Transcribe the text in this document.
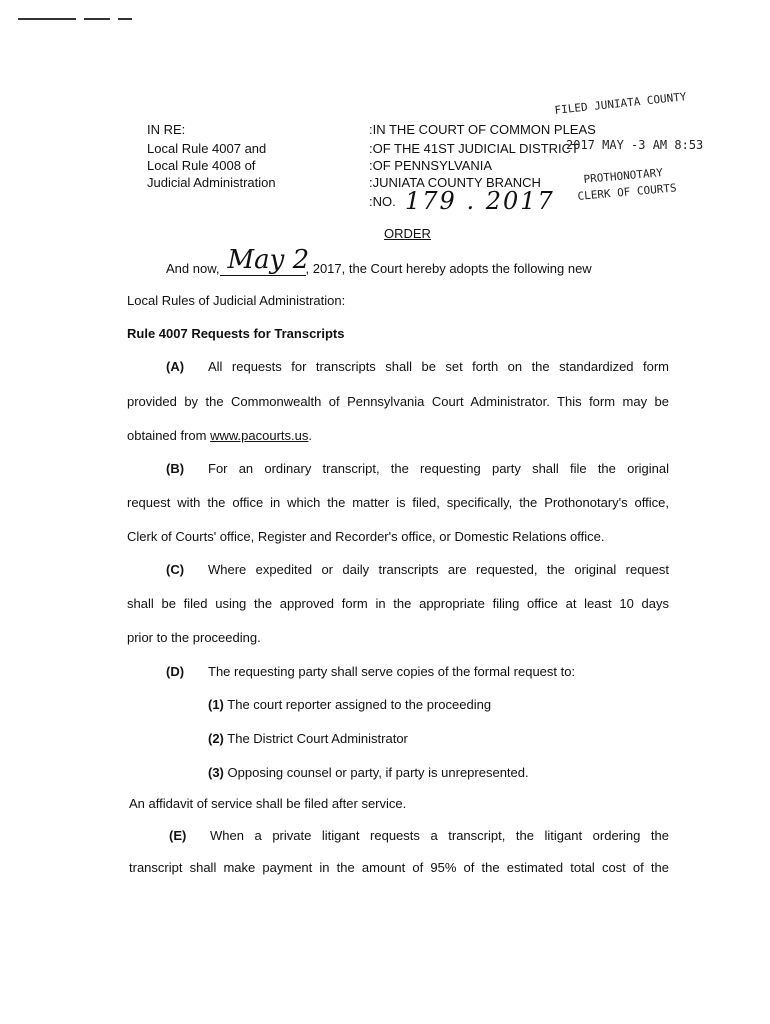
IN RE:
Local Rule 4007 and
Local Rule 4008 of
Judicial Administration
:IN THE COURT OF COMMON PLEAS
:OF THE 41ST JUDICIAL DISTRICT
:OF PENNSYLVANIA
:JUNIATA COUNTY BRANCH
:NO. 179 . 2017
FILED JUNIATA COUNTY
2017 MAY -3 AM 8:53
PROTHONOTARY
CLERK OF COURTS
ORDER
And now, May 2
, 2017, the Court hereby adopts the following new
Local Rules of Judicial Administration:
Rule 4007 Requests for Transcripts
(A) All requests for transcripts shall be set forth on the standardized form
provided by the Commonwealth of Pennsylvania Court Administrator. This form may be
obtained from www.pacourts.us.
(B) For an ordinary transcript, the requesting party shall file the original
request with the office in which the matter is filed, specifically, the Prothonotary's office,
Clerk of Courts' office, Register and Recorder's office, or Domestic Relations office.
(C) Where expedited or daily transcripts are requested, the original request
shall be filed using the approved form in the appropriate filing office at least 10 days
prior to the proceeding.
(D) The requesting party shall serve copies of the formal request to:
(1) The court reporter assigned to the proceeding
(2) The District Court Administrator
(3) Opposing counsel or party, if party is unrepresented.
An affidavit of service shall be filed after service.
(E) When a private litigant requests a transcript, the litigant ordering the
transcript shall make payment in the amount of 95% of the estimated total cost of the
